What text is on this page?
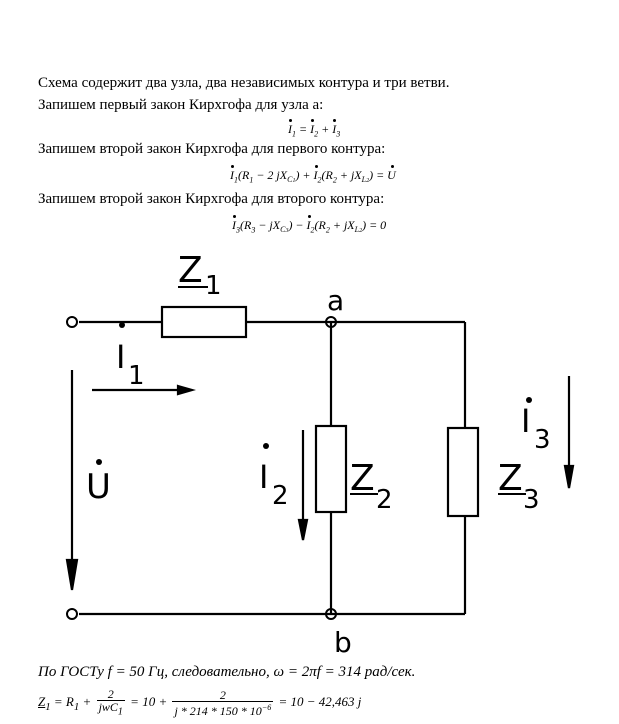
Схема содержит два узла, два независимых контура и три ветви.
Запишем первый закон Кирхгофа для узла a:
$I_1 = I_2 + I_3$
Запишем второй закон Кирхгофа для первого контура:
$I_1(R_1 - 2$ $jX_{C1}) + I_2(R_2 + jX_{L2}) = U$
Запишем второй закон Кирхгофа для второго контура:
$I_3(R_3 - jX_{C3}) - I_2(R_2 + jX_{L2}) = 0$
Z 1	a
b
I 1
I 2
I 3
U	Z
2
Z
3
По ГОСТу f = 50 Гц, следовательно, ω = 2πf = 314 рад/сек.
$Z_1 = R_1 + \frac{2}{jwC_1} = 10 + \frac{2}{j * 214 * 150 * 10^{-6}} = 10 - 42,463$ j
